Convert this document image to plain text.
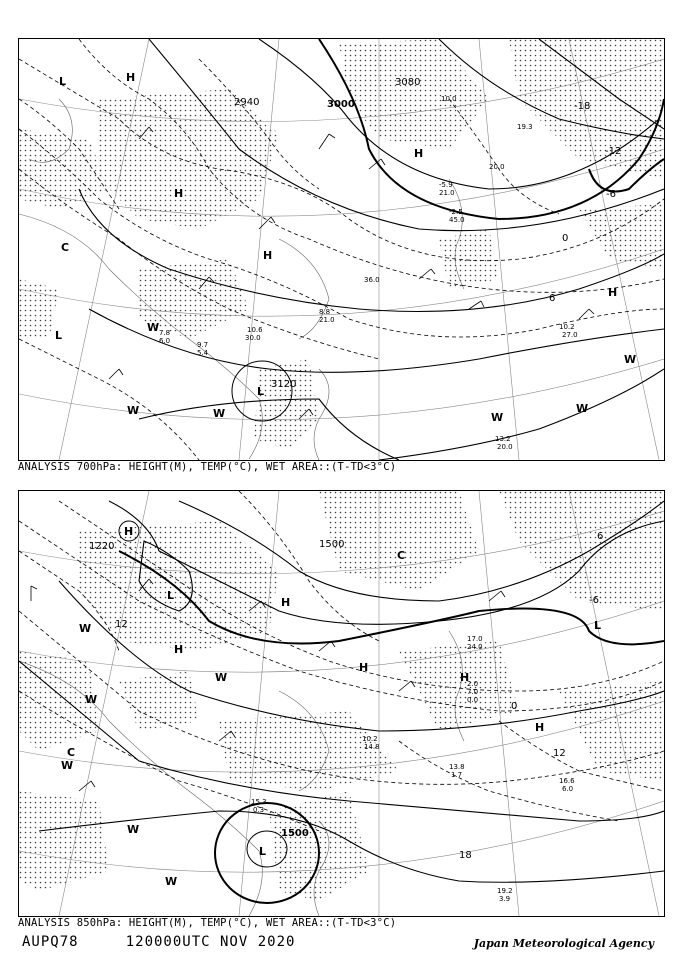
H
H
H
H
H
L
L
L
C
W
W	W	W
W
W
3000
3080
2940
3120
-18
-12
-6
0
6
10.0
19.3
20.0
13.2
20.0
10.2
27.0
-5.9
21.0
-2.5
45.0
36.0
8.8
21.0
10.6
30.0
7.8
6.0	9.7
5.4
ANALYSIS 700hPa: HEIGHT(M), TEMP(°C), WET AREA::(T-TD<3°C)
H
H
H
H
H
H
L
L
L
C
C
W
W
W
W
W
W
1500
1220	1500
12
18
-6
6
0
12
16.6
6.0
19.2
3.9
13.8
1.7
10.2
14.8
15.3
0.3
17.0
24.0
2.0
7.0
0.0
ANALYSIS 850hPa: HEIGHT(M), TEMP(°C), WET AREA::(T-TD<3°C)
AUPQ78     120000UTC NOV 2020	Japan Meteorological Agency
